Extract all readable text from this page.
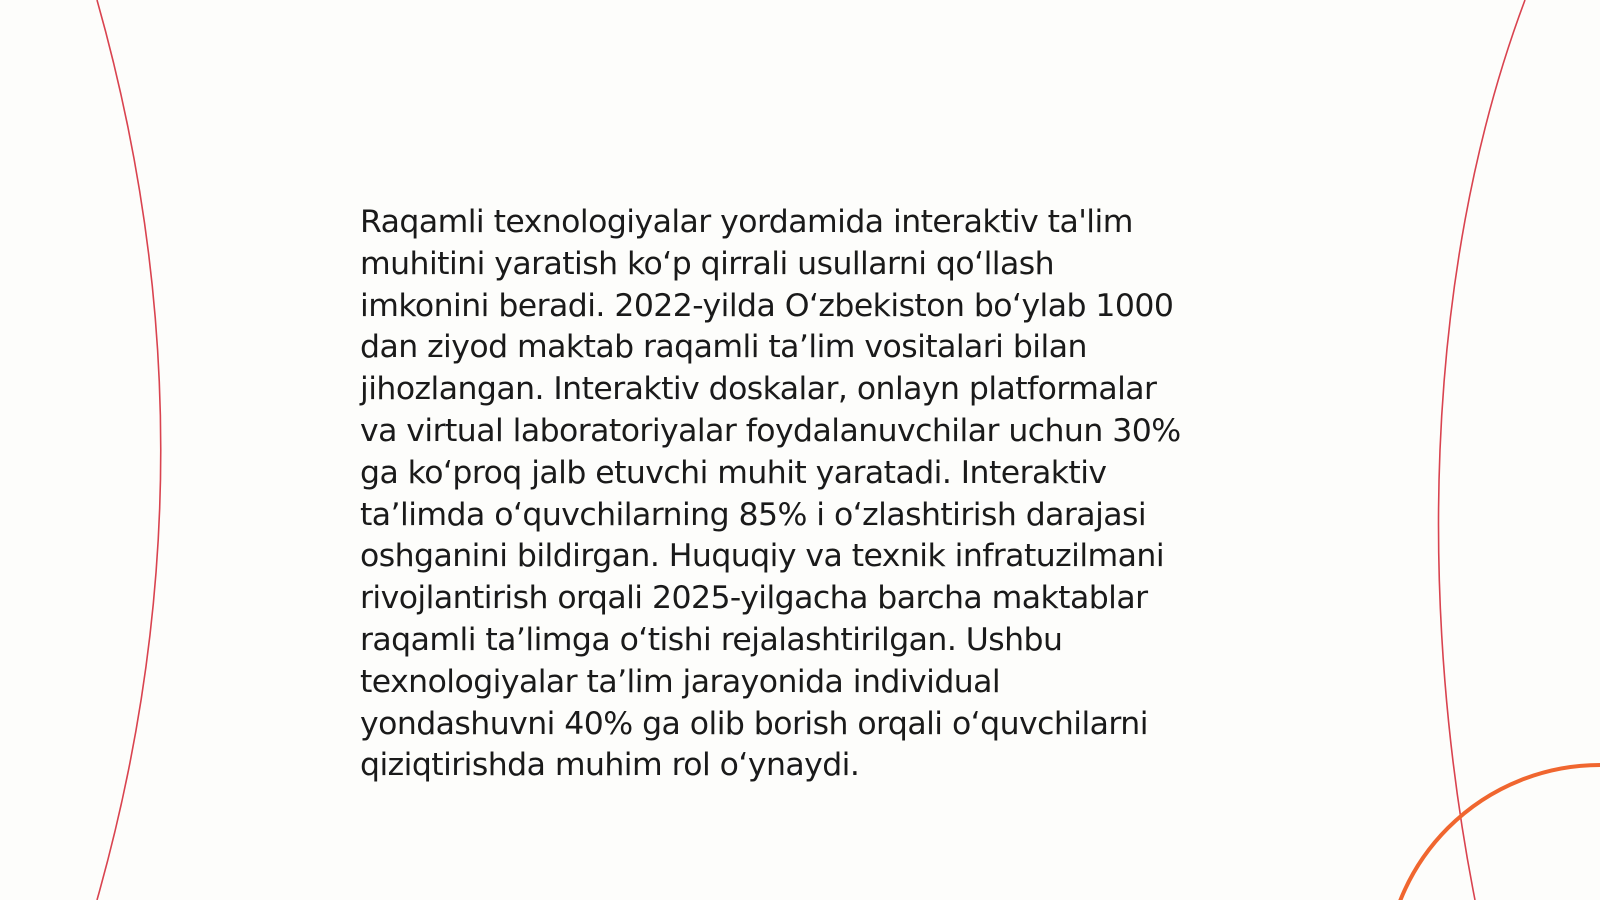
Raqamli texnologiyalar yordamida interaktiv ta'lim
muhitini yaratish ko‘p qirrali usullarni qo‘llash
imkonini beradi. 2022-yilda O‘zbekiston bo‘ylab 1000
dan ziyod maktab raqamli ta’lim vositalari bilan
jihozlangan. Interaktiv doskalar, onlayn platformalar
va virtual laboratoriyalar foydalanuvchilar uchun 30%
ga ko‘proq jalb etuvchi muhit yaratadi. Interaktiv
ta’limda o‘quvchilarning 85% i o‘zlashtirish darajasi
oshganini bildirgan. Huquqiy va texnik infratuzilmani
rivojlantirish orqali 2025-yilgacha barcha maktablar
raqamli ta’limga o‘tishi rejalashtirilgan. Ushbu
texnologiyalar ta’lim jarayonida individual
yondashuvni 40% ga olib borish orqali o‘quvchilarni
qiziqtirishda muhim rol o‘ynaydi.
